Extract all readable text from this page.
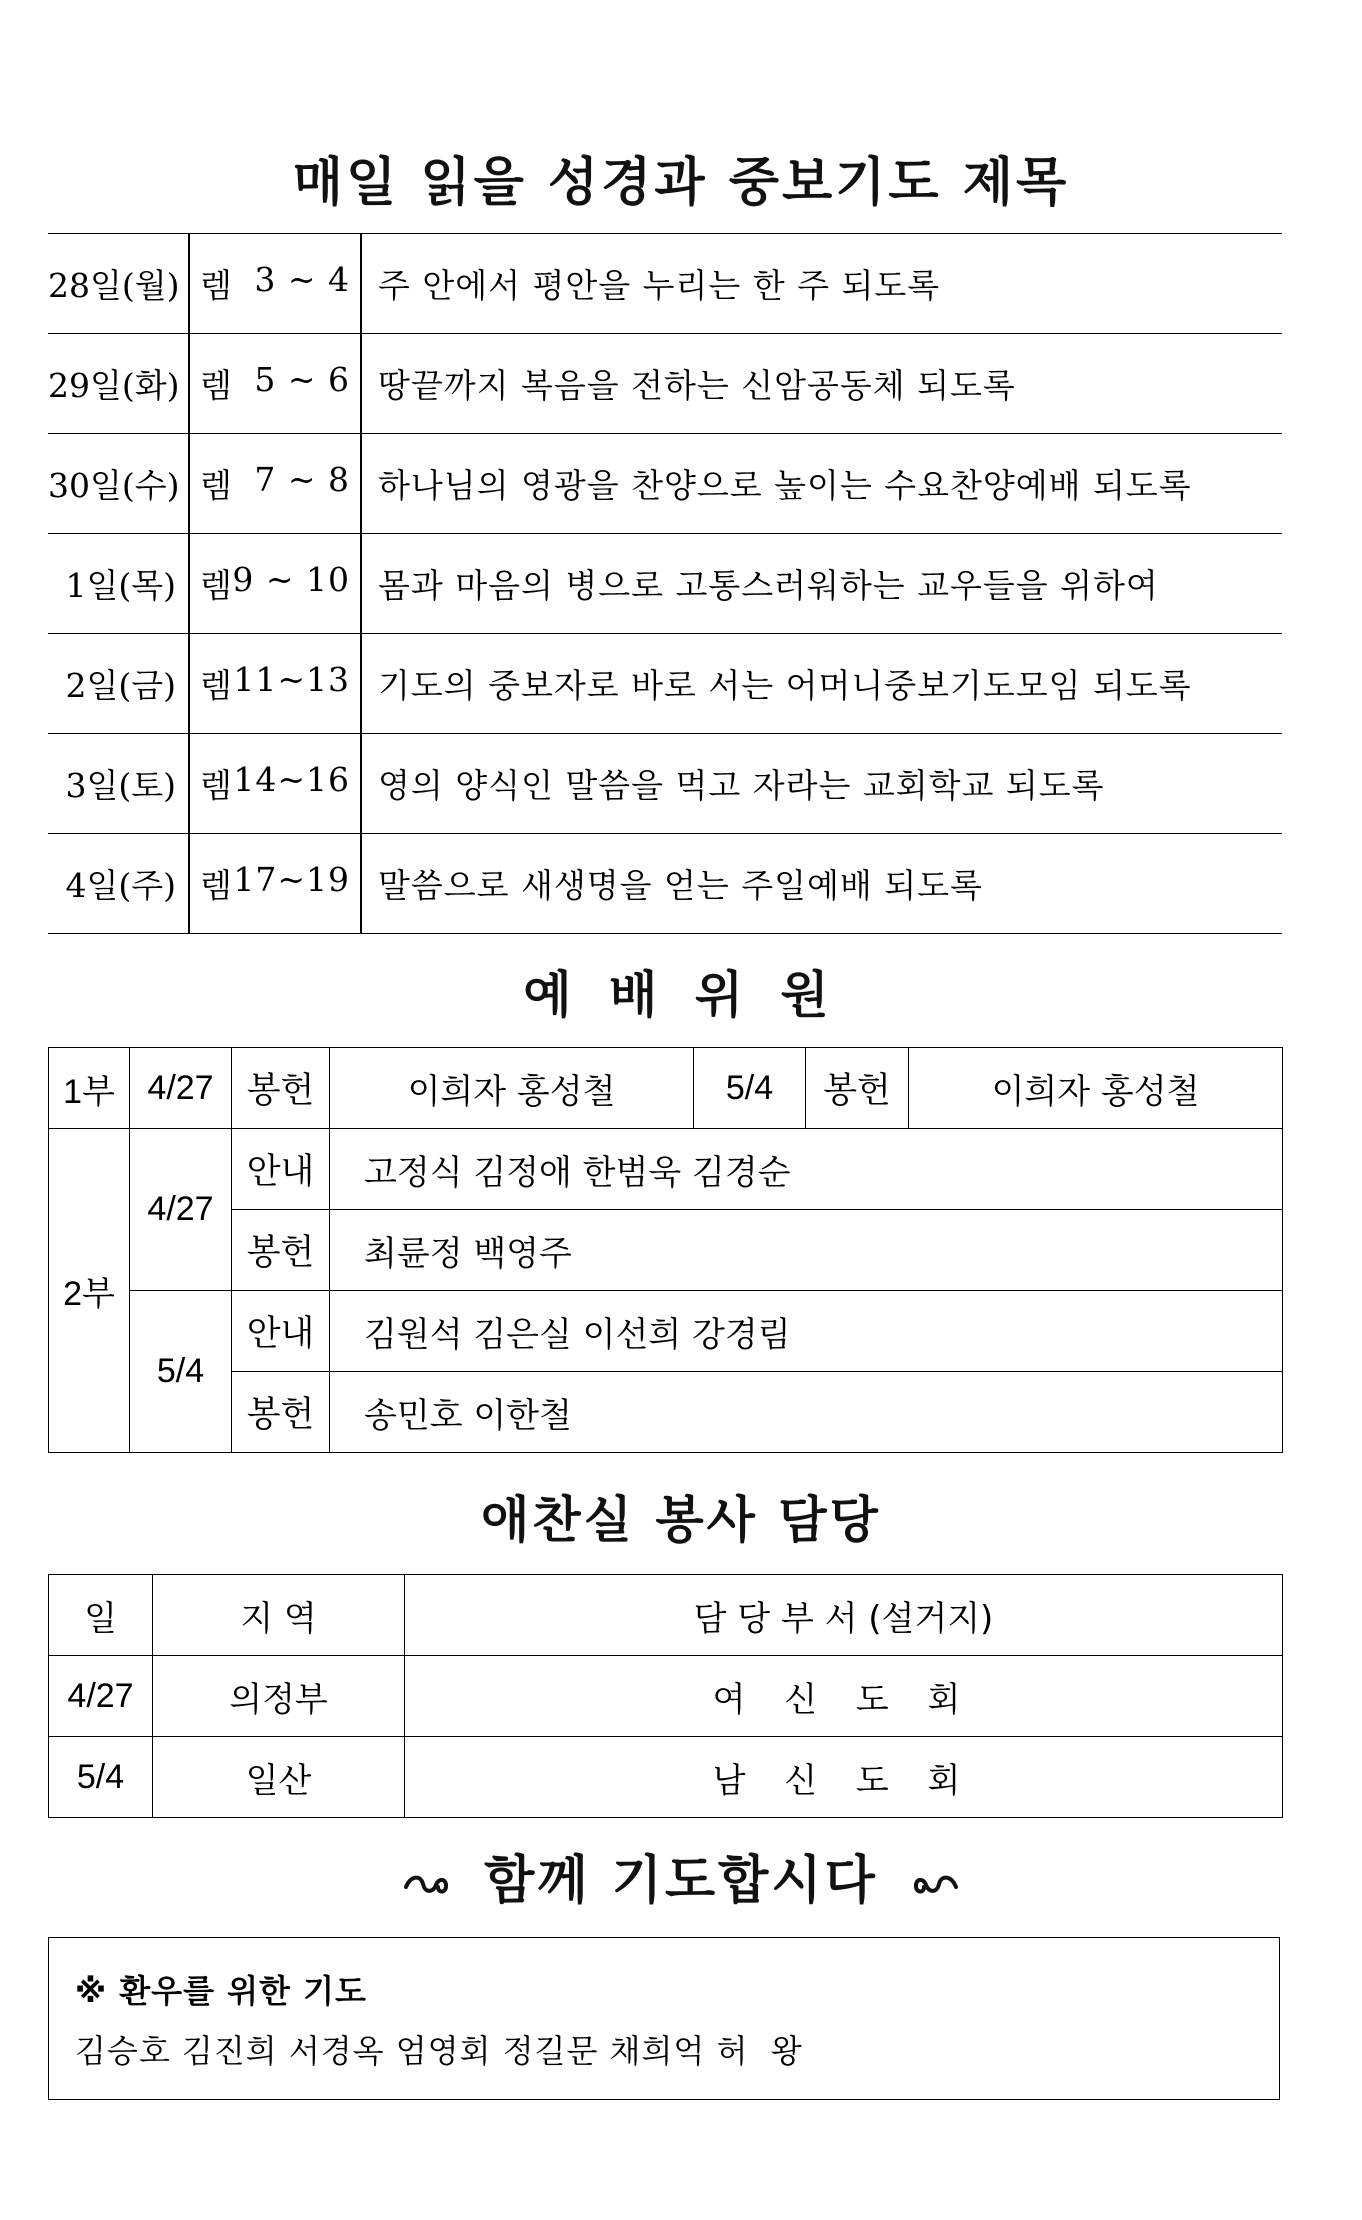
매일 읽을 성경과 중보기도 제목
28일(월)	렘 3 ~ 4	주 안에서 평안을 누리는 한 주 되도록
29일(화)	렘 5 ~ 6	땅끝까지 복음을 전하는 신암공동체 되도록
30일(수)	렘 7 ~ 8	하나님의 영광을 찬양으로 높이는 수요찬양예배 되도록
1일(목)	렘 9 ~ 10	몸과 마음의 병으로 고통스러워하는 교우들을 위하여
2일(금)	렘 11~13	기도의 중보자로 바로 서는 어머니중보기도모임 되도록
3일(토)	렘 14~16	영의 양식인 말씀을 먹고 자라는 교회학교 되도록
4일(주)	렘 17~19	말씀으로 새생명을 얻는 주일예배 되도록
예 배 위 원
1부	4/27	봉헌	이희자 홍성철	5/4	봉헌	이희자 홍성철
2부	4/27	안내	고정식 김정애 한범욱 김경순			
		봉헌	최륜정 백영주			
	5/4	안내	김원석 김은실 이선희 강경림			
		봉헌	송민호 이한철			
애찬실 봉사 담당
일	지 역	담 당 부 서 (설거지)
4/27	의정부	여 신 도 회
5/4	일산	남 신 도 회
함께 기도합시다
※ 환우를 위한 기도
김승호 김진희 서경옥 엄영회 정길문 채희억 허  왕
